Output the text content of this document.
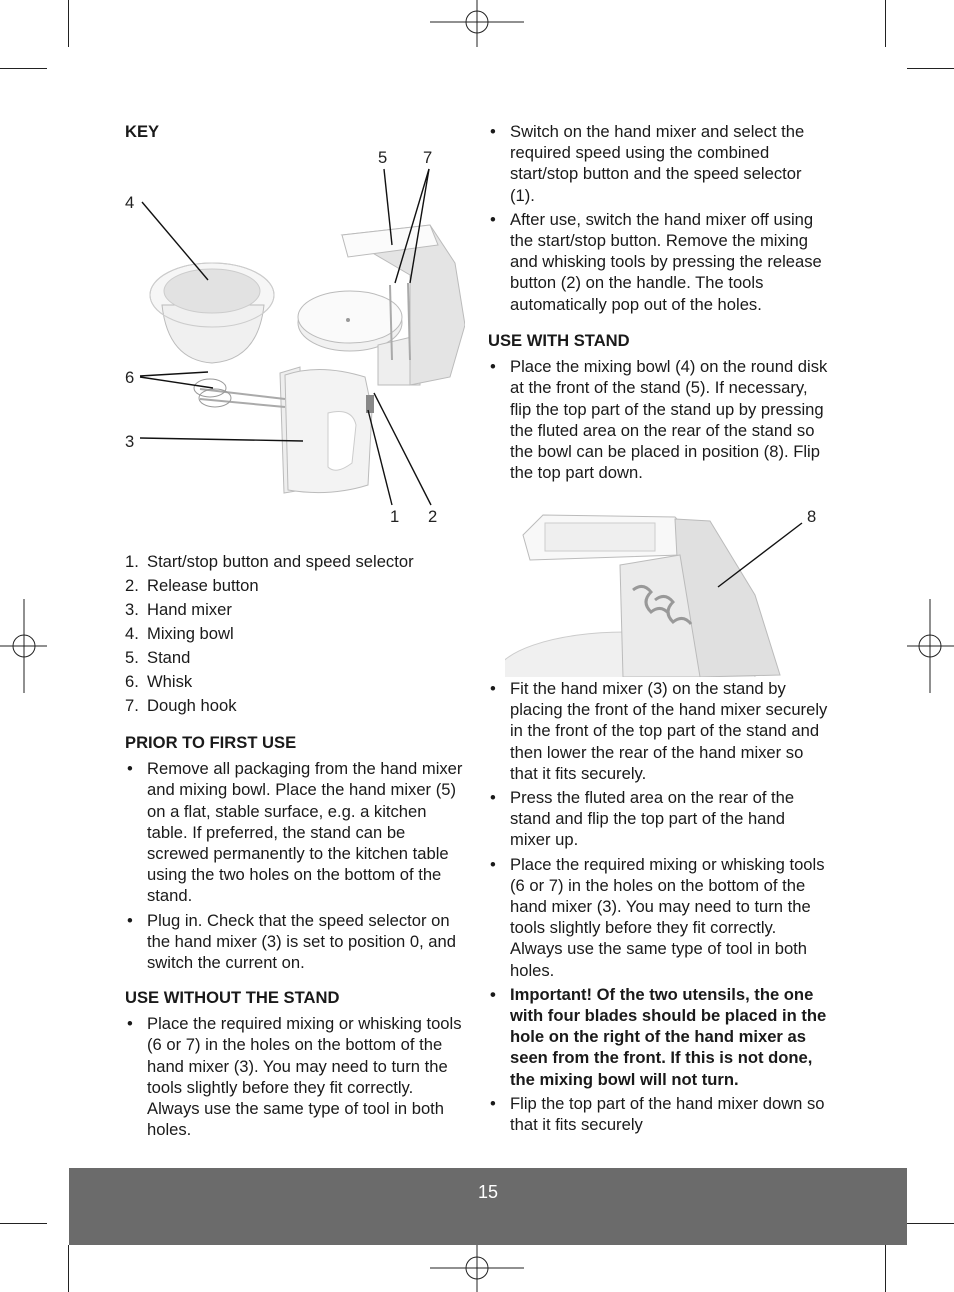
KEY
5 7
4
6
3
1 2
1. Start/stop button and speed selector
2. Release button
3. Hand mixer
4. Mixing bowl
5. Stand
6. Whisk
7. Dough hook
PRIOR TO FIRST USE
• Remove all packaging from the hand mixer and mixing bowl. Place the hand mixer (5) on a flat, stable surface, e.g. a kitchen table. If preferred, the stand can be screwed permanently to the kitchen table using the two holes on the bottom of the stand.
• Plug in. Check that the speed selector on the hand mixer (3) is set to position 0, and switch the current on.
USE WITHOUT THE STAND
• Place the required mixing or whisking tools (6 or 7) in the holes on the bottom of the hand mixer (3). You may need to turn the tools slightly before they fit correctly. Always use the same type of tool in both holes.
• Switch on the hand mixer and select the required speed using the combined start/stop button and the speed selector (1).
• After use, switch the hand mixer off using the start/stop button. Remove the mixing and whisking tools by pressing the release button (2) on the handle. The tools automatically pop out of the holes.
USE WITH STAND
• Place the mixing bowl (4) on the round disk at the front of the stand (5). If necessary, flip the top part of the stand up by pressing the fluted area on the rear of the stand so the bowl can be placed in position (8). Flip the top part down.
8
• Fit the hand mixer (3) on the stand by placing the front of the hand mixer securely in the front of the top part of the stand and then lower the rear of the hand mixer so that it fits securely.
• Press the fluted area on the rear of the stand and flip the top part of the hand mixer up.
• Place the required mixing or whisking tools (6 or 7) in the holes on the bottom of the hand mixer (3). You may need to turn the tools slightly before they fit correctly. Always use the same type of tool in both holes.
• Important! Of the two utensils, the one with four blades should be placed in the hole on the right of the hand mixer as seen from the front. If this is not done, the mixing bowl will not turn.
• Flip the top part of the hand mixer down so that it fits securely
15
